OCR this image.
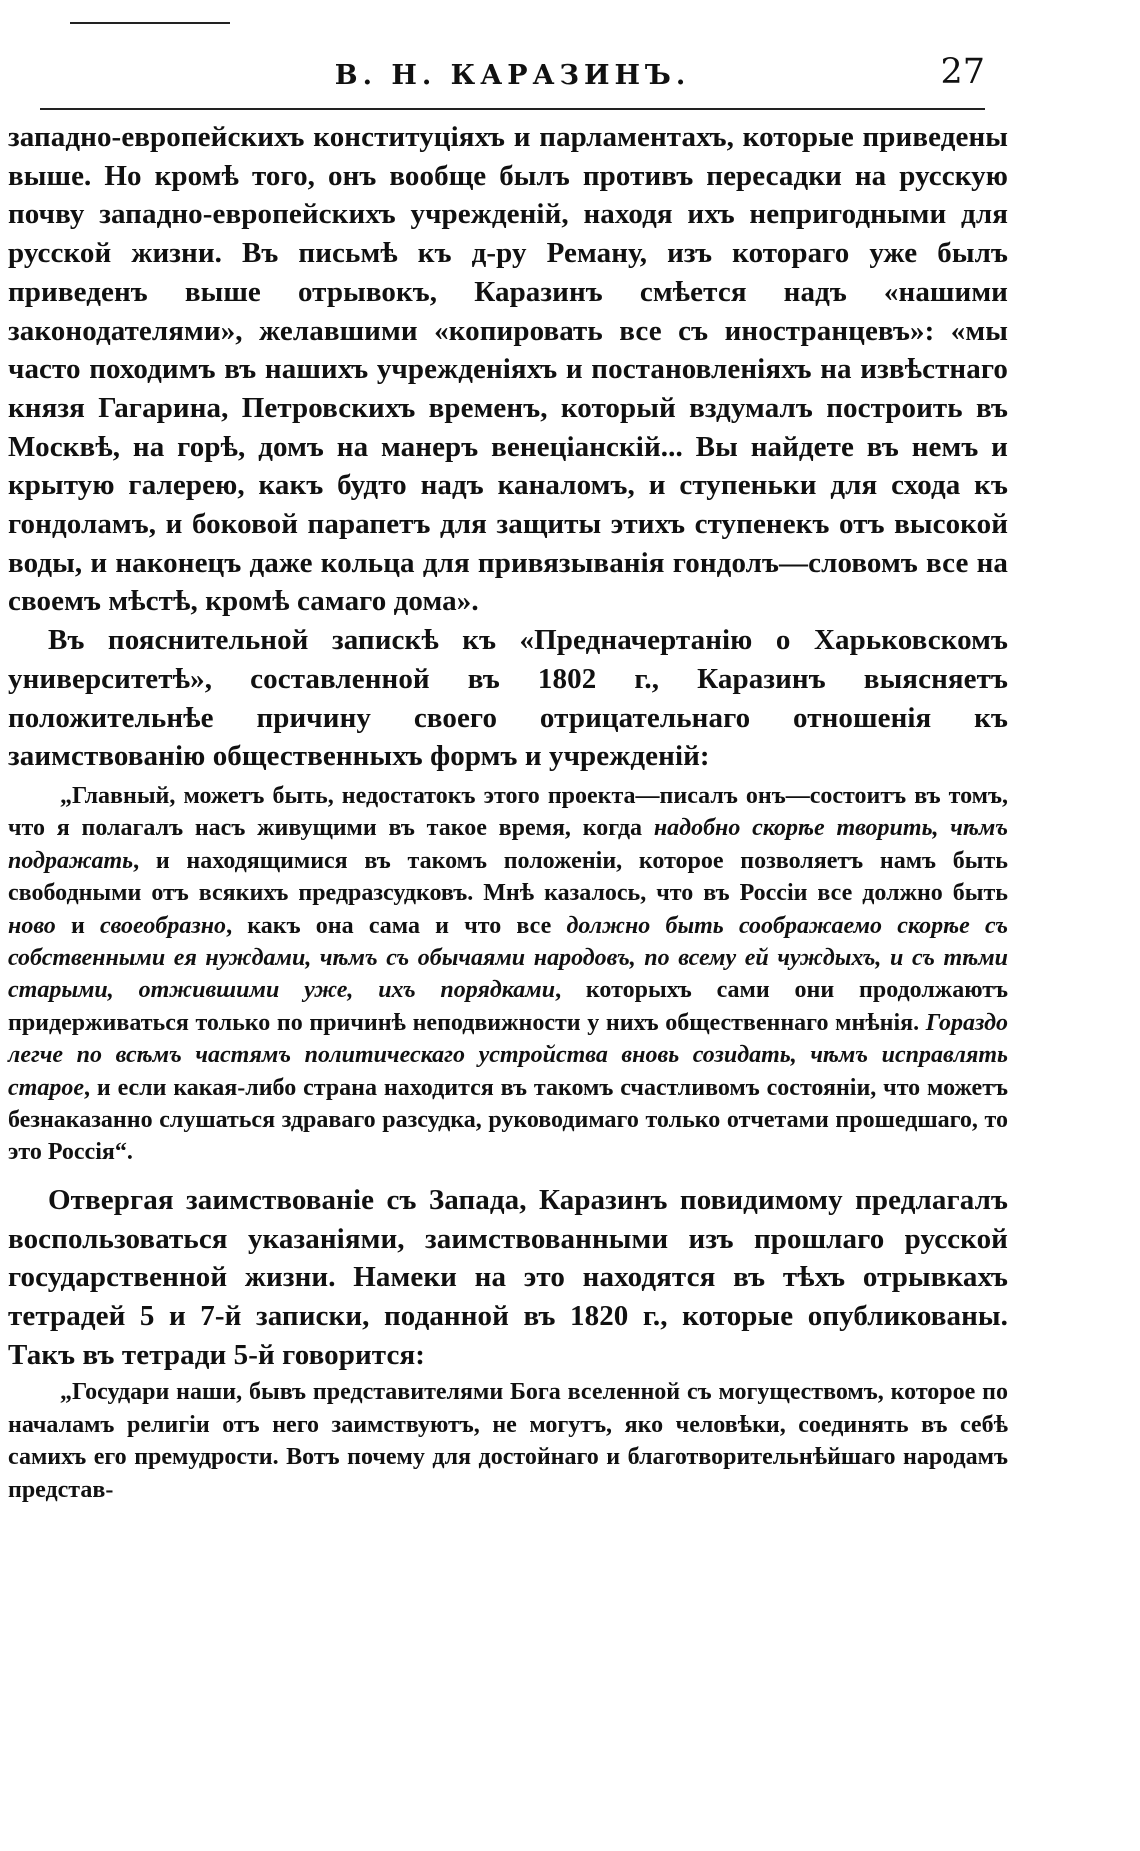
В. Н. КАРАЗИНЪ.	27

западно-европейскихъ конституціяхъ и парламентахъ, которые приведены выше. Но кромѣ того, онъ вообще былъ противъ пересадки на русскую почву западно-европейскихъ учрежденій, находя ихъ непригодными для русской жизни. Въ письмѣ къ д-ру Реману, изъ котораго уже былъ приведенъ выше отрывокъ, Каразинъ смѣется надъ «нашими законодателями», желавшими «копировать все съ иностранцевъ»: «мы часто походимъ въ нашихъ учрежденіяхъ и постановленіяхъ на извѣстнаго князя Гагарина, Петровскихъ временъ, который вздумалъ построить въ Москвѣ, на горѣ, домъ на манеръ венеціанскій... Вы найдете въ немъ и крытую галерею, какъ будто надъ каналомъ, и ступеньки для схода къ гондоламъ, и боковой парапетъ для защиты этихъ ступенекъ отъ высокой воды, и наконецъ даже кольца для привязыванія гондолъ—словомъ все на своемъ мѣстѣ, кромѣ самаго дома».

Въ пояснительной запискѣ къ «Предначертанію о Харьковскомъ университетѣ», составленной въ 1802 г., Каразинъ выясняетъ положительнѣе причину своего отрицательнаго отношенія къ заимствованію общественныхъ формъ и учрежденій:

„Главный, можетъ быть, недостатокъ этого проекта—писалъ онъ—состоитъ въ томъ, что я полагалъ насъ живущими въ такое время, когда надобно скорѣе творить, чѣмъ подражать, и находящимися въ такомъ положеніи, которое позволяетъ намъ быть свободными отъ всякихъ предразсудковъ. Мнѣ казалось, что въ Россіи все должно быть ново и своеобразно, какъ она сама и что все должно быть соображаемо скорѣе съ собственными ея нуждами, чѣмъ съ обычаями народовъ, по всему ей чуждыхъ, и съ тѣми старыми, отжившими уже, ихъ порядками, которыхъ сами они продолжаютъ придерживаться только по причинѣ неподвижности у нихъ общественнаго мнѣнія. Гораздо легче по всѣмъ частямъ политическаго устройства вновь созидать, чѣмъ исправлять старое, и если какая-либо страна находится въ такомъ счастливомъ состояніи, что можетъ безнаказанно слушаться здраваго разсудка, руководимаго только отчетами прошедшаго, то это Россія“.

Отвергая заимствованіе съ Запада, Каразинъ повидимому предлагалъ воспользоваться указаніями, заимствованными изъ прошлаго русской государственной жизни. Намеки на это находятся въ тѣхъ отрывкахъ тетрадей 5 и 7-й записки, поданной въ 1820 г., которые опубликованы. Такъ въ тетради 5-й говорится:

„Государи наши, бывъ представителями Бога вселенной съ могуществомъ, которое по началамъ религіи отъ него заимствуютъ, не могутъ, яко человѣки, соединять въ себѣ самихъ его премудрости. Вотъ почему для достойнаго и благотворительнѣйшаго народамъ представ-
